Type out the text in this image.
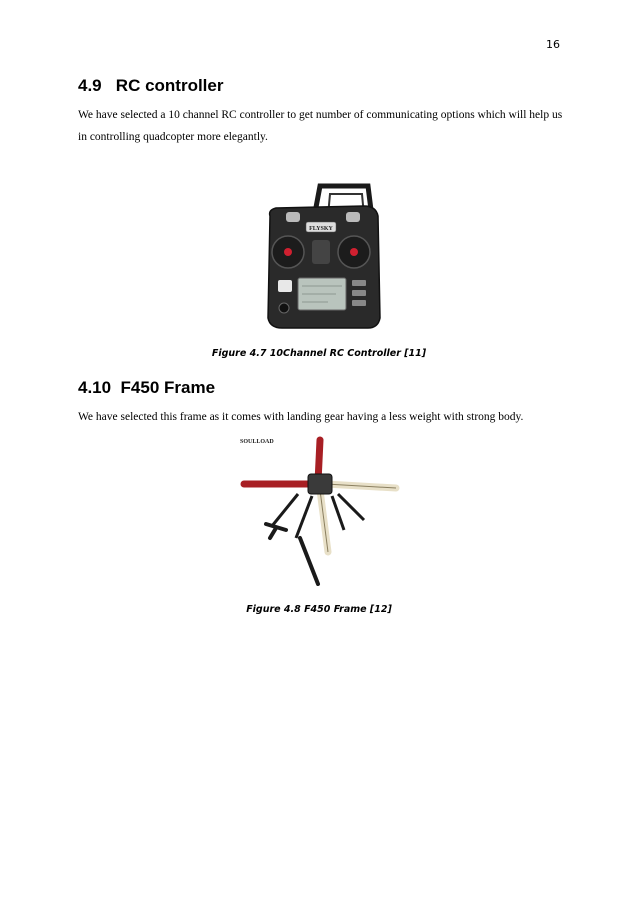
16
4.9   RC controller

We have selected a 10 channel RC controller to get number of communicating options which will help us in controlling quadcopter more elegantly.

FLYSKY
Figure 4.7 10Channel RC Controller [11]
4.10  F450 Frame

We have selected this frame as it comes with landing gear having a less weight with strong body.

SOULLOAD
Figure 4.8 F450 Frame [12]
